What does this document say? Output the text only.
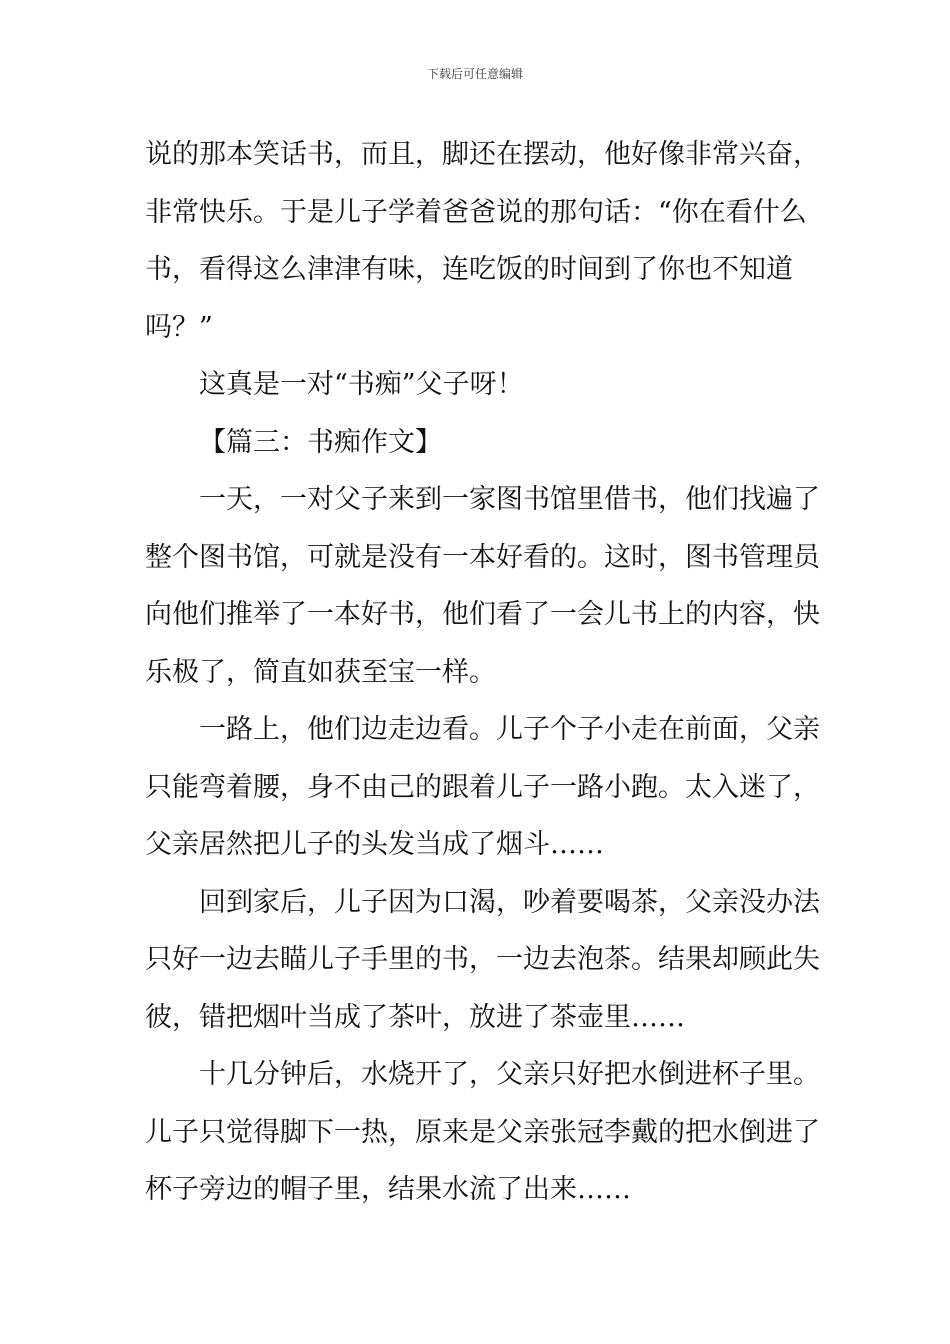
下载后可任意编辑
说的那本笑话书，而且，脚还在摆动，他好像非常兴奋，
非常快乐。于是儿子学着爸爸说的那句话：“你在看什么
书，看得这么津津有味，连吃饭的时间到了你也不知道
吗？”
这真是一对“书痴”父子呀！
【篇三：书痴作文】
一天，一对父子来到一家图书馆里借书，他们找遍了
整个图书馆，可就是没有一本好看的。这时，图书管理员
向他们推举了一本好书，他们看了一会儿书上的内容，快
乐极了，简直如获至宝一样。
一路上，他们边走边看。儿子个子小走在前面，父亲
只能弯着腰，身不由己的跟着儿子一路小跑。太入迷了，
父亲居然把儿子的头发当成了烟斗……
回到家后，儿子因为口渴，吵着要喝茶，父亲没办法
只好一边去瞄儿子手里的书，一边去泡茶。结果却顾此失
彼，错把烟叶当成了茶叶，放进了茶壶里……
十几分钟后，水烧开了，父亲只好把水倒进杯子里。
儿子只觉得脚下一热，原来是父亲张冠李戴的把水倒进了
杯子旁边的帽子里，结果水流了出来……
